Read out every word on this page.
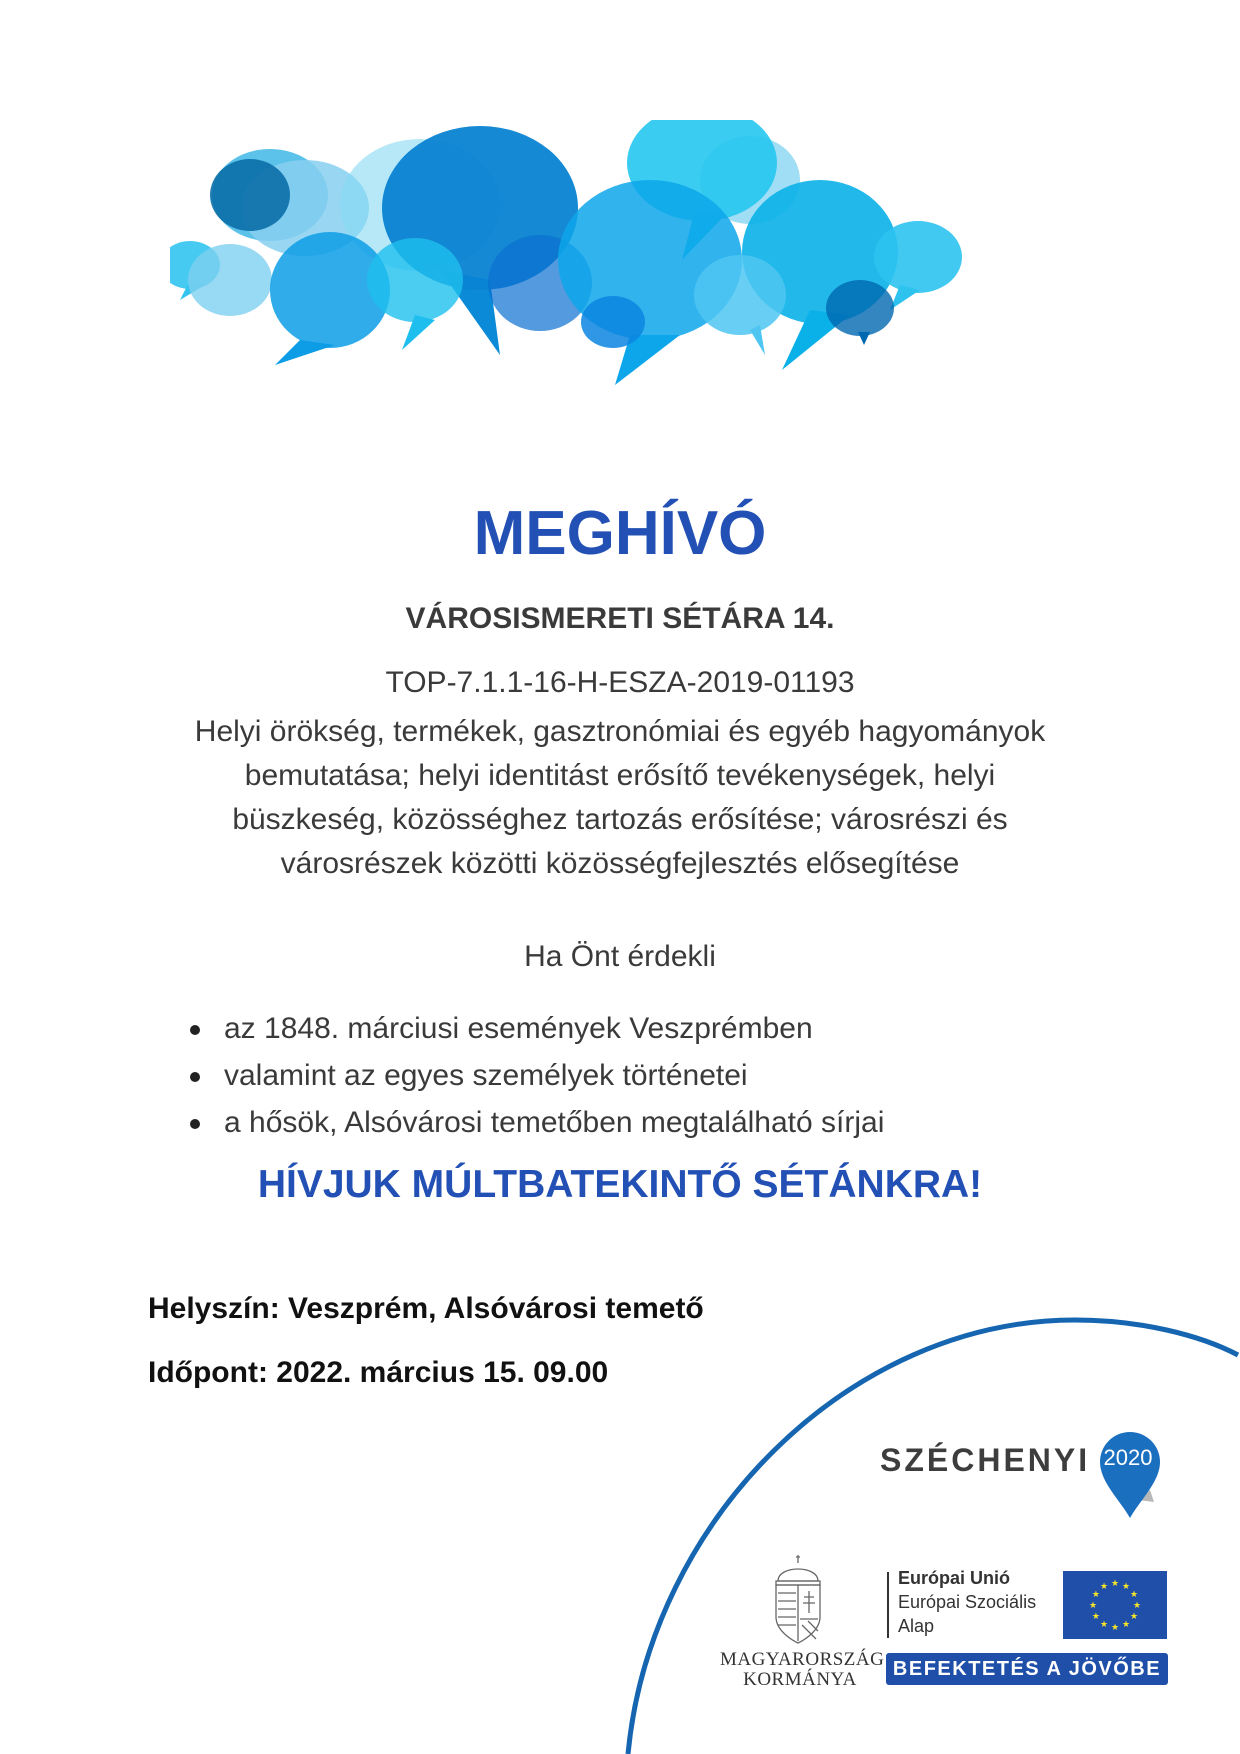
MEGHÍVÓ
VÁROSISMERETI SÉTÁRA 14.
TOP-7.1.1-16-H-ESZA-2019-01193
Helyi örökség, termékek, gasztronómiai és egyéb hagyományok
bemutatása; helyi identitást erősítő tevékenységek, helyi
büszkeség, közösséghez tartozás erősítése; városrészi és
városrészek közötti közösségfejlesztés elősegítése
Ha Önt érdekli
az 1848. márciusi események Veszprémben
valamint az egyes személyek történetei
a hősök, Alsóvárosi temetőben megtalálható sírjai
HÍVJUK MÚLTBATEKINTŐ SÉTÁNKRA!
Helyszín: Veszprém, Alsóvárosi temető
Időpont: 2022. március 15. 09.00
SZÉCHENYI 2020
MAGYARORSZÁG
KORMÁNYA
Európai Unió
Európai Szociális
Alap
★ ★
★
★
★
★
★
★
★
★
★
★
BEFEKTETÉS A JÖVŐBE
